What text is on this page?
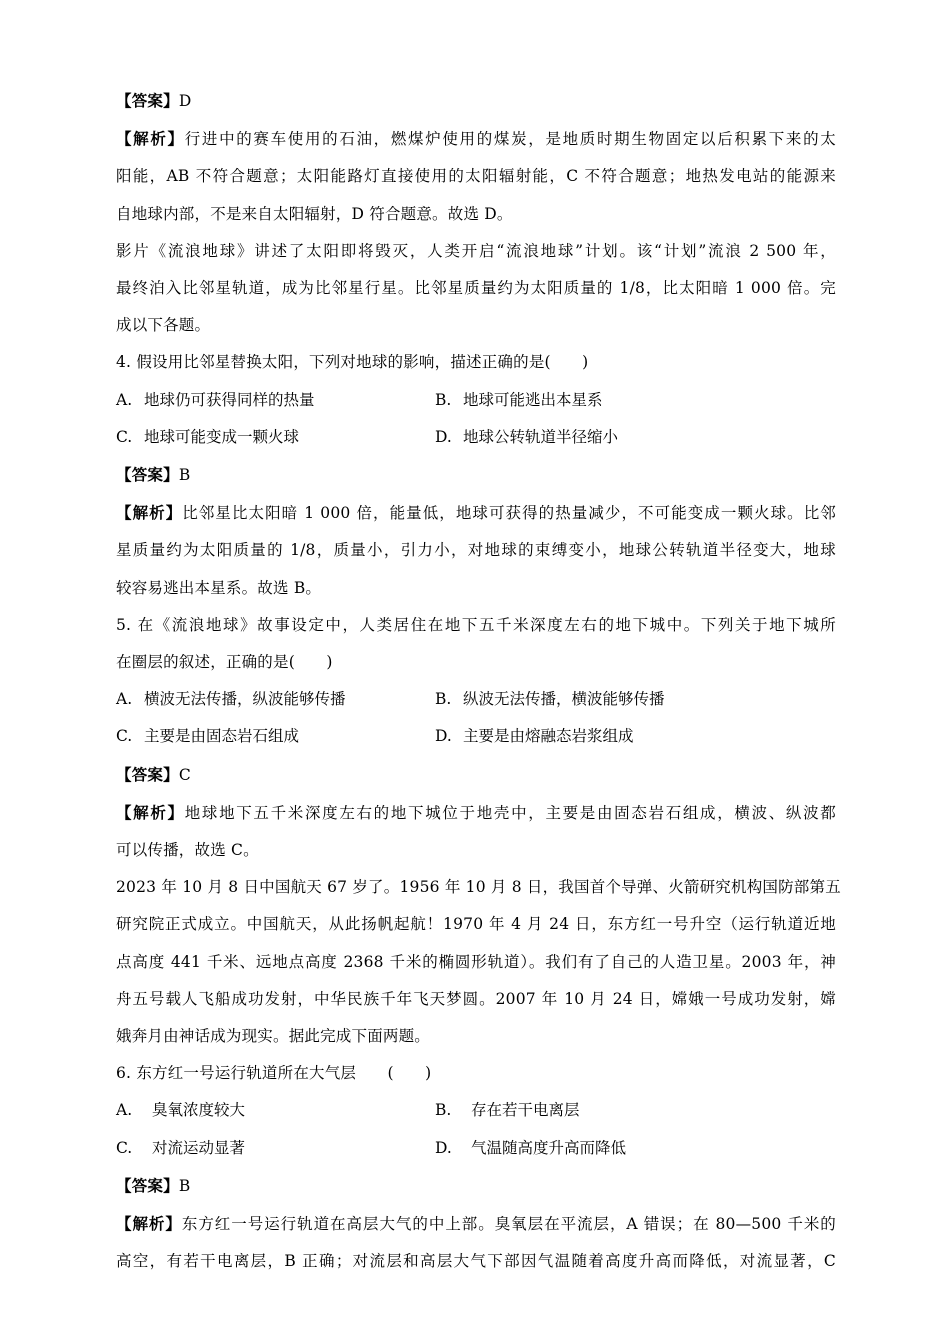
【答案】D
【解析】行进中的赛车使用的石油，燃煤炉使用的煤炭，是地质时期生物固定以后积累下来的太
阳能，AB 不符合题意；太阳能路灯直接使用的太阳辐射能，C 不符合题意；地热发电站的能源来
自地球内部，不是来自太阳辐射，D 符合题意。故选 D。
影片《流浪地球》讲述了太阳即将毁灭，人类开启“流浪地球”计划。该“计划”流浪 2 500 年，
最终泊入比邻星轨道，成为比邻星行星。比邻星质量约为太阳质量的 1/8，比太阳暗 1 000 倍。完
成以下各题。
4. 假设用比邻星替换太阳，下列对地球的影响，描述正确的是(　　)
A. 地球仍可获得同样的热量	B. 地球可能逃出本星系
C. 地球可能变成一颗火球	D. 地球公转轨道半径缩小
【答案】B
【解析】比邻星比太阳暗 1 000 倍，能量低，地球可获得的热量减少，不可能变成一颗火球。比邻
星质量约为太阳质量的 1/8，质量小，引力小，对地球的束缚变小，地球公转轨道半径变大，地球
较容易逃出本星系。故选 B。
5. 在《流浪地球》故事设定中，人类居住在地下五千米深度左右的地下城中。下列关于地下城所
在圈层的叙述，正确的是(　　)
A. 横波无法传播，纵波能够传播	B. 纵波无法传播，横波能够传播
C. 主要是由固态岩石组成	D. 主要是由熔融态岩浆组成
【答案】C
【解析】地球地下五千米深度左右的地下城位于地壳中，主要是由固态岩石组成，横波、纵波都
可以传播，故选 C。
2023 年 10 月 8 日中国航天 67 岁了。1956 年 10 月 8 日，我国首个导弹、火箭研究机构国防部第五
研究院正式成立。中国航天，从此扬帆起航！1970 年 4 月 24 日，东方红一号升空（运行轨道近地
点高度 441 千米、远地点高度 2368 千米的椭圆形轨道）。我们有了自己的人造卫星。2003 年，神
舟五号载人飞船成功发射，中华民族千年飞天梦圆。2007 年 10 月 24 日，嫦娥一号成功发射，嫦
娥奔月由神话成为现实。据此完成下面两题。
6. 东方红一号运行轨道所在大气层　　(　　)
A.	臭氧浓度较大	B.	存在若干电离层
C.	对流运动显著	D.	气温随高度升高而降低
【答案】B
【解析】东方红一号运行轨道在高层大气的中上部。臭氧层在平流层，A 错误；在 80—500 千米的
高空，有若干电离层，B 正确；对流层和高层大气下部因气温随着高度升高而降低，对流显著，C
